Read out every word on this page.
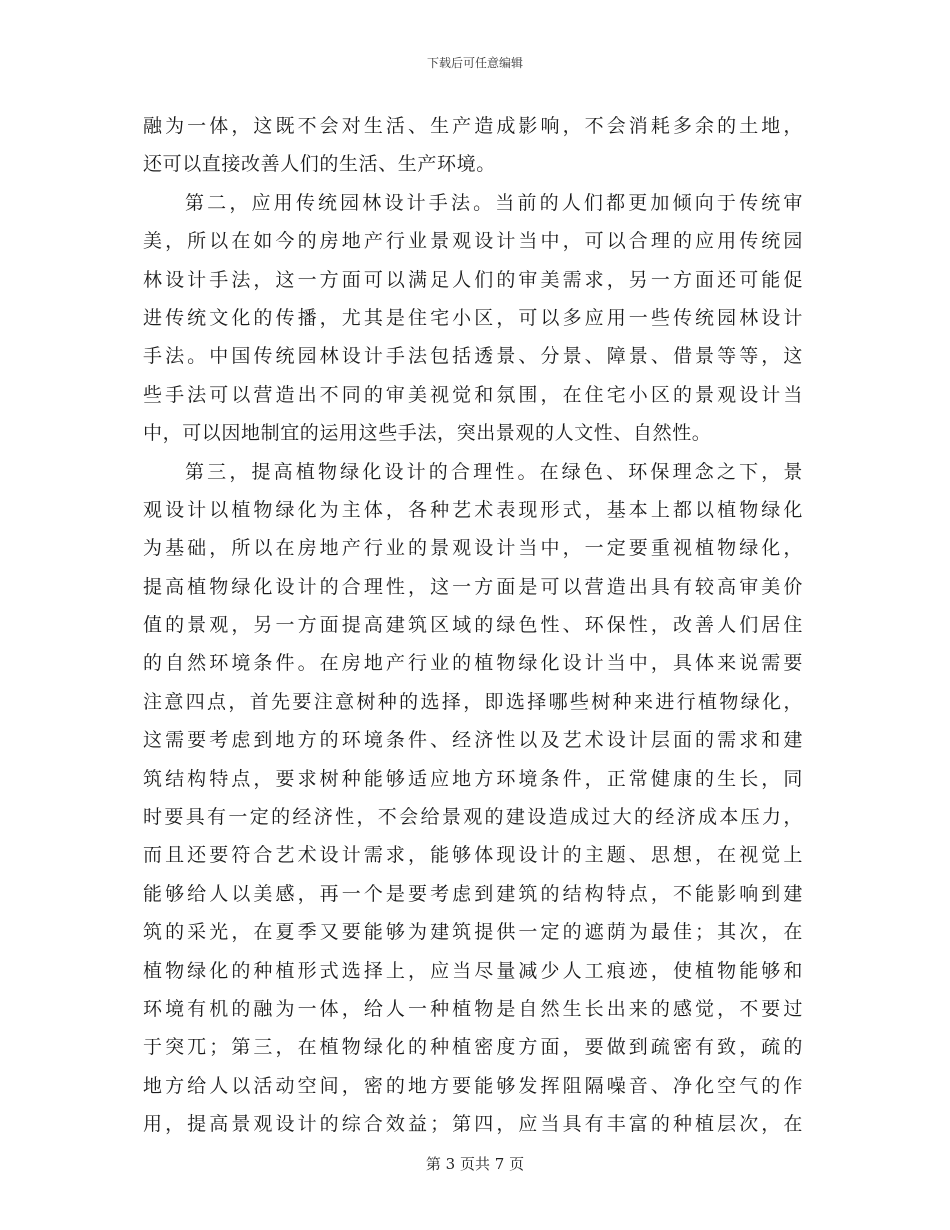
下载后可任意编辑
融为一体，这既不会对生活、生产造成影响，不会消耗多余的土地，
还可以直接改善人们的生活、生产环境。
第二，应用传统园林设计手法。当前的人们都更加倾向于传统审
美，所以在如今的房地产行业景观设计当中，可以合理的应用传统园
林设计手法，这一方面可以满足人们的审美需求，另一方面还可能促
进传统文化的传播，尤其是住宅小区，可以多应用一些传统园林设计
手法。中国传统园林设计手法包括透景、分景、障景、借景等等，这
些手法可以营造出不同的审美视觉和氛围，在住宅小区的景观设计当
中，可以因地制宜的运用这些手法，突出景观的人文性、自然性。
第三，提高植物绿化设计的合理性。在绿色、环保理念之下，景
观设计以植物绿化为主体，各种艺术表现形式，基本上都以植物绿化
为基础，所以在房地产行业的景观设计当中，一定要重视植物绿化，
提高植物绿化设计的合理性，这一方面是可以营造出具有较高审美价
值的景观，另一方面提高建筑区域的绿色性、环保性，改善人们居住
的自然环境条件。在房地产行业的植物绿化设计当中，具体来说需要
注意四点，首先要注意树种的选择，即选择哪些树种来进行植物绿化，
这需要考虑到地方的环境条件、经济性以及艺术设计层面的需求和建
筑结构特点，要求树种能够适应地方环境条件，正常健康的生长，同
时要具有一定的经济性，不会给景观的建设造成过大的经济成本压力，
而且还要符合艺术设计需求，能够体现设计的主题、思想，在视觉上
能够给人以美感，再一个是要考虑到建筑的结构特点，不能影响到建
筑的采光，在夏季又要能够为建筑提供一定的遮荫为最佳；其次，在
植物绿化的种植形式选择上，应当尽量减少人工痕迹，使植物能够和
环境有机的融为一体，给人一种植物是自然生长出来的感觉，不要过
于突兀；第三，在植物绿化的种植密度方面，要做到疏密有致，疏的
地方给人以活动空间，密的地方要能够发挥阻隔噪音、净化空气的作
用，提高景观设计的综合效益；第四，应当具有丰富的种植层次，在
第 3 页共 7 页
